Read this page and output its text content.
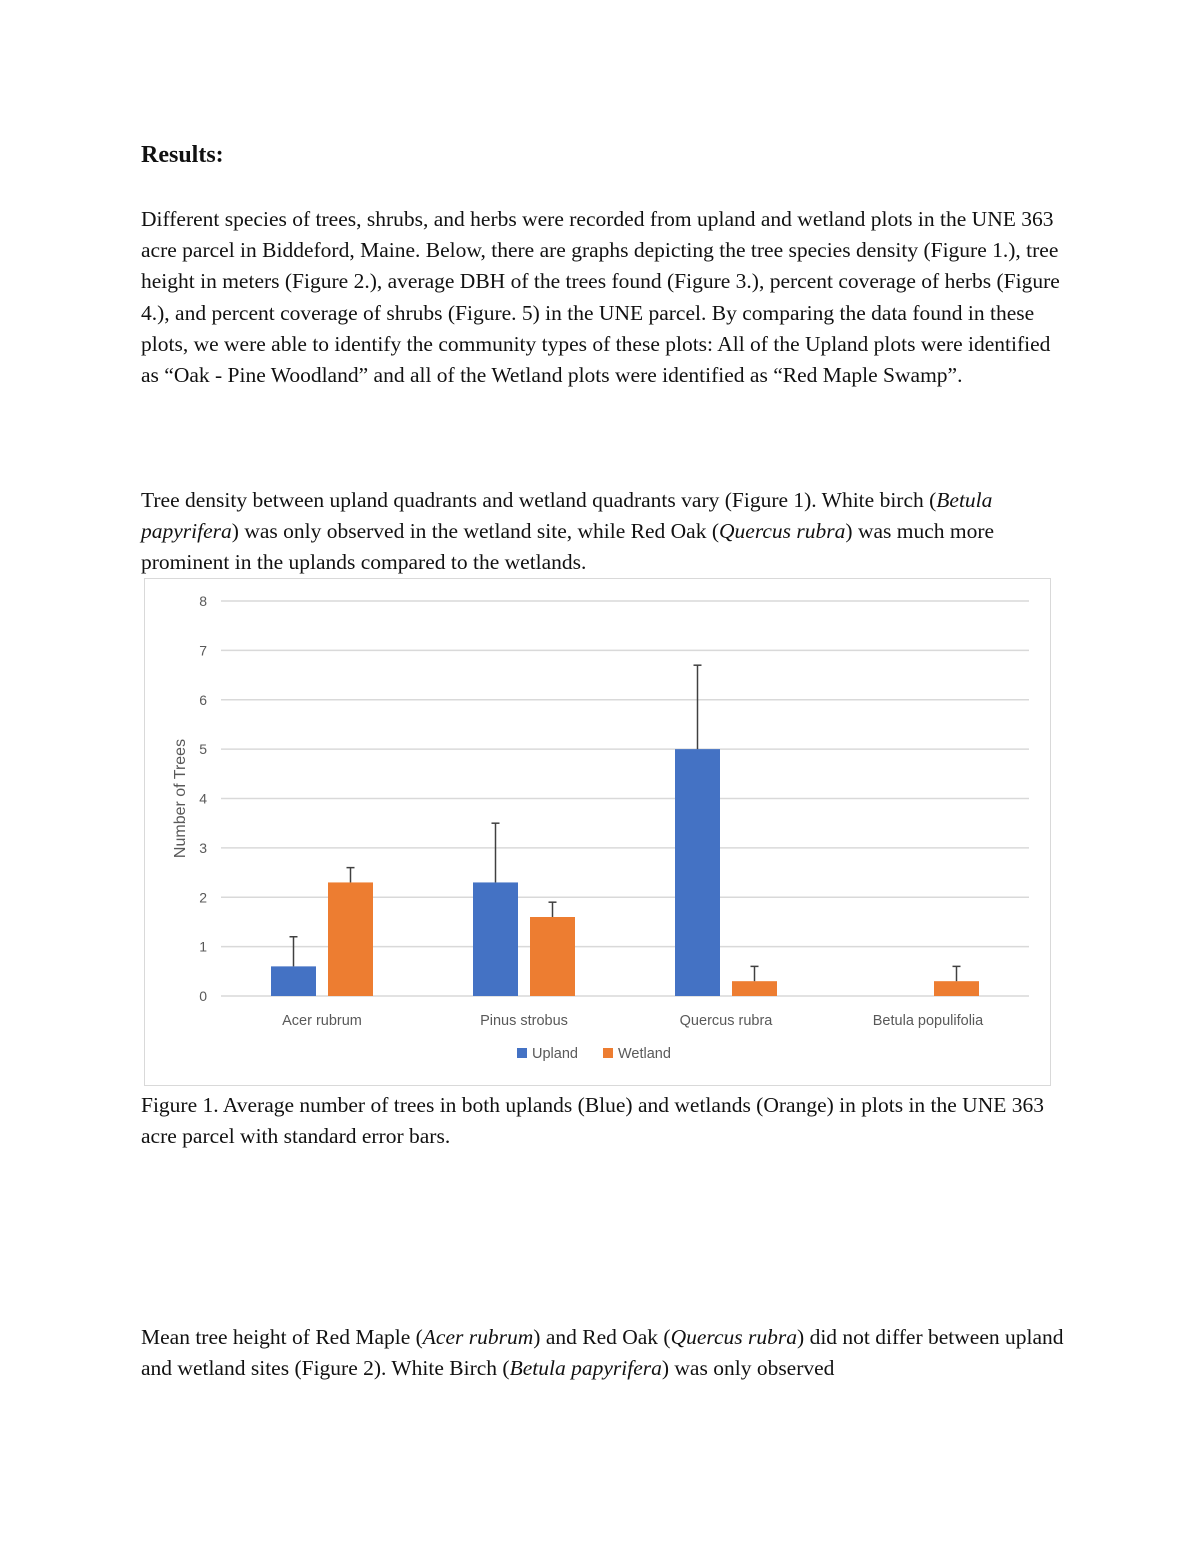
Results:
Different species of trees, shrubs, and herbs were recorded from upland and wetland plots in the UNE 363 acre parcel in Biddeford, Maine. Below, there are graphs depicting the tree species density (Figure 1.), tree height in meters (Figure 2.), average DBH of the trees found (Figure 3.), percent coverage of herbs (Figure 4.), and percent coverage of shrubs (Figure. 5) in the UNE parcel. By comparing the data found in these plots, we were able to identify the community types of these plots: All of the Upland plots were identified as “Oak - Pine Woodland” and all of the Wetland plots were identified as “Red Maple Swamp”.
Tree density between upland quadrants and wetland quadrants vary (Figure 1). White birch (Betula papyrifera) was only observed in the wetland site, while Red Oak (Quercus rubra) was much more prominent in the uplands compared to the wetlands.
0
1
2
3
4
5
6
7
8
Number of Trees
Acer rubrum	Pinus strobus	Quercus rubra	Betula populifolia
Upland	Wetland
Figure 1. Average number of trees in both uplands (Blue) and wetlands (Orange) in plots in the UNE 363 acre parcel with standard error bars.
Mean tree height of Red Maple (Acer rubrum) and Red Oak (Quercus rubra) did not differ between upland and wetland sites (Figure 2). White Birch (Betula papyrifera) was only observed
